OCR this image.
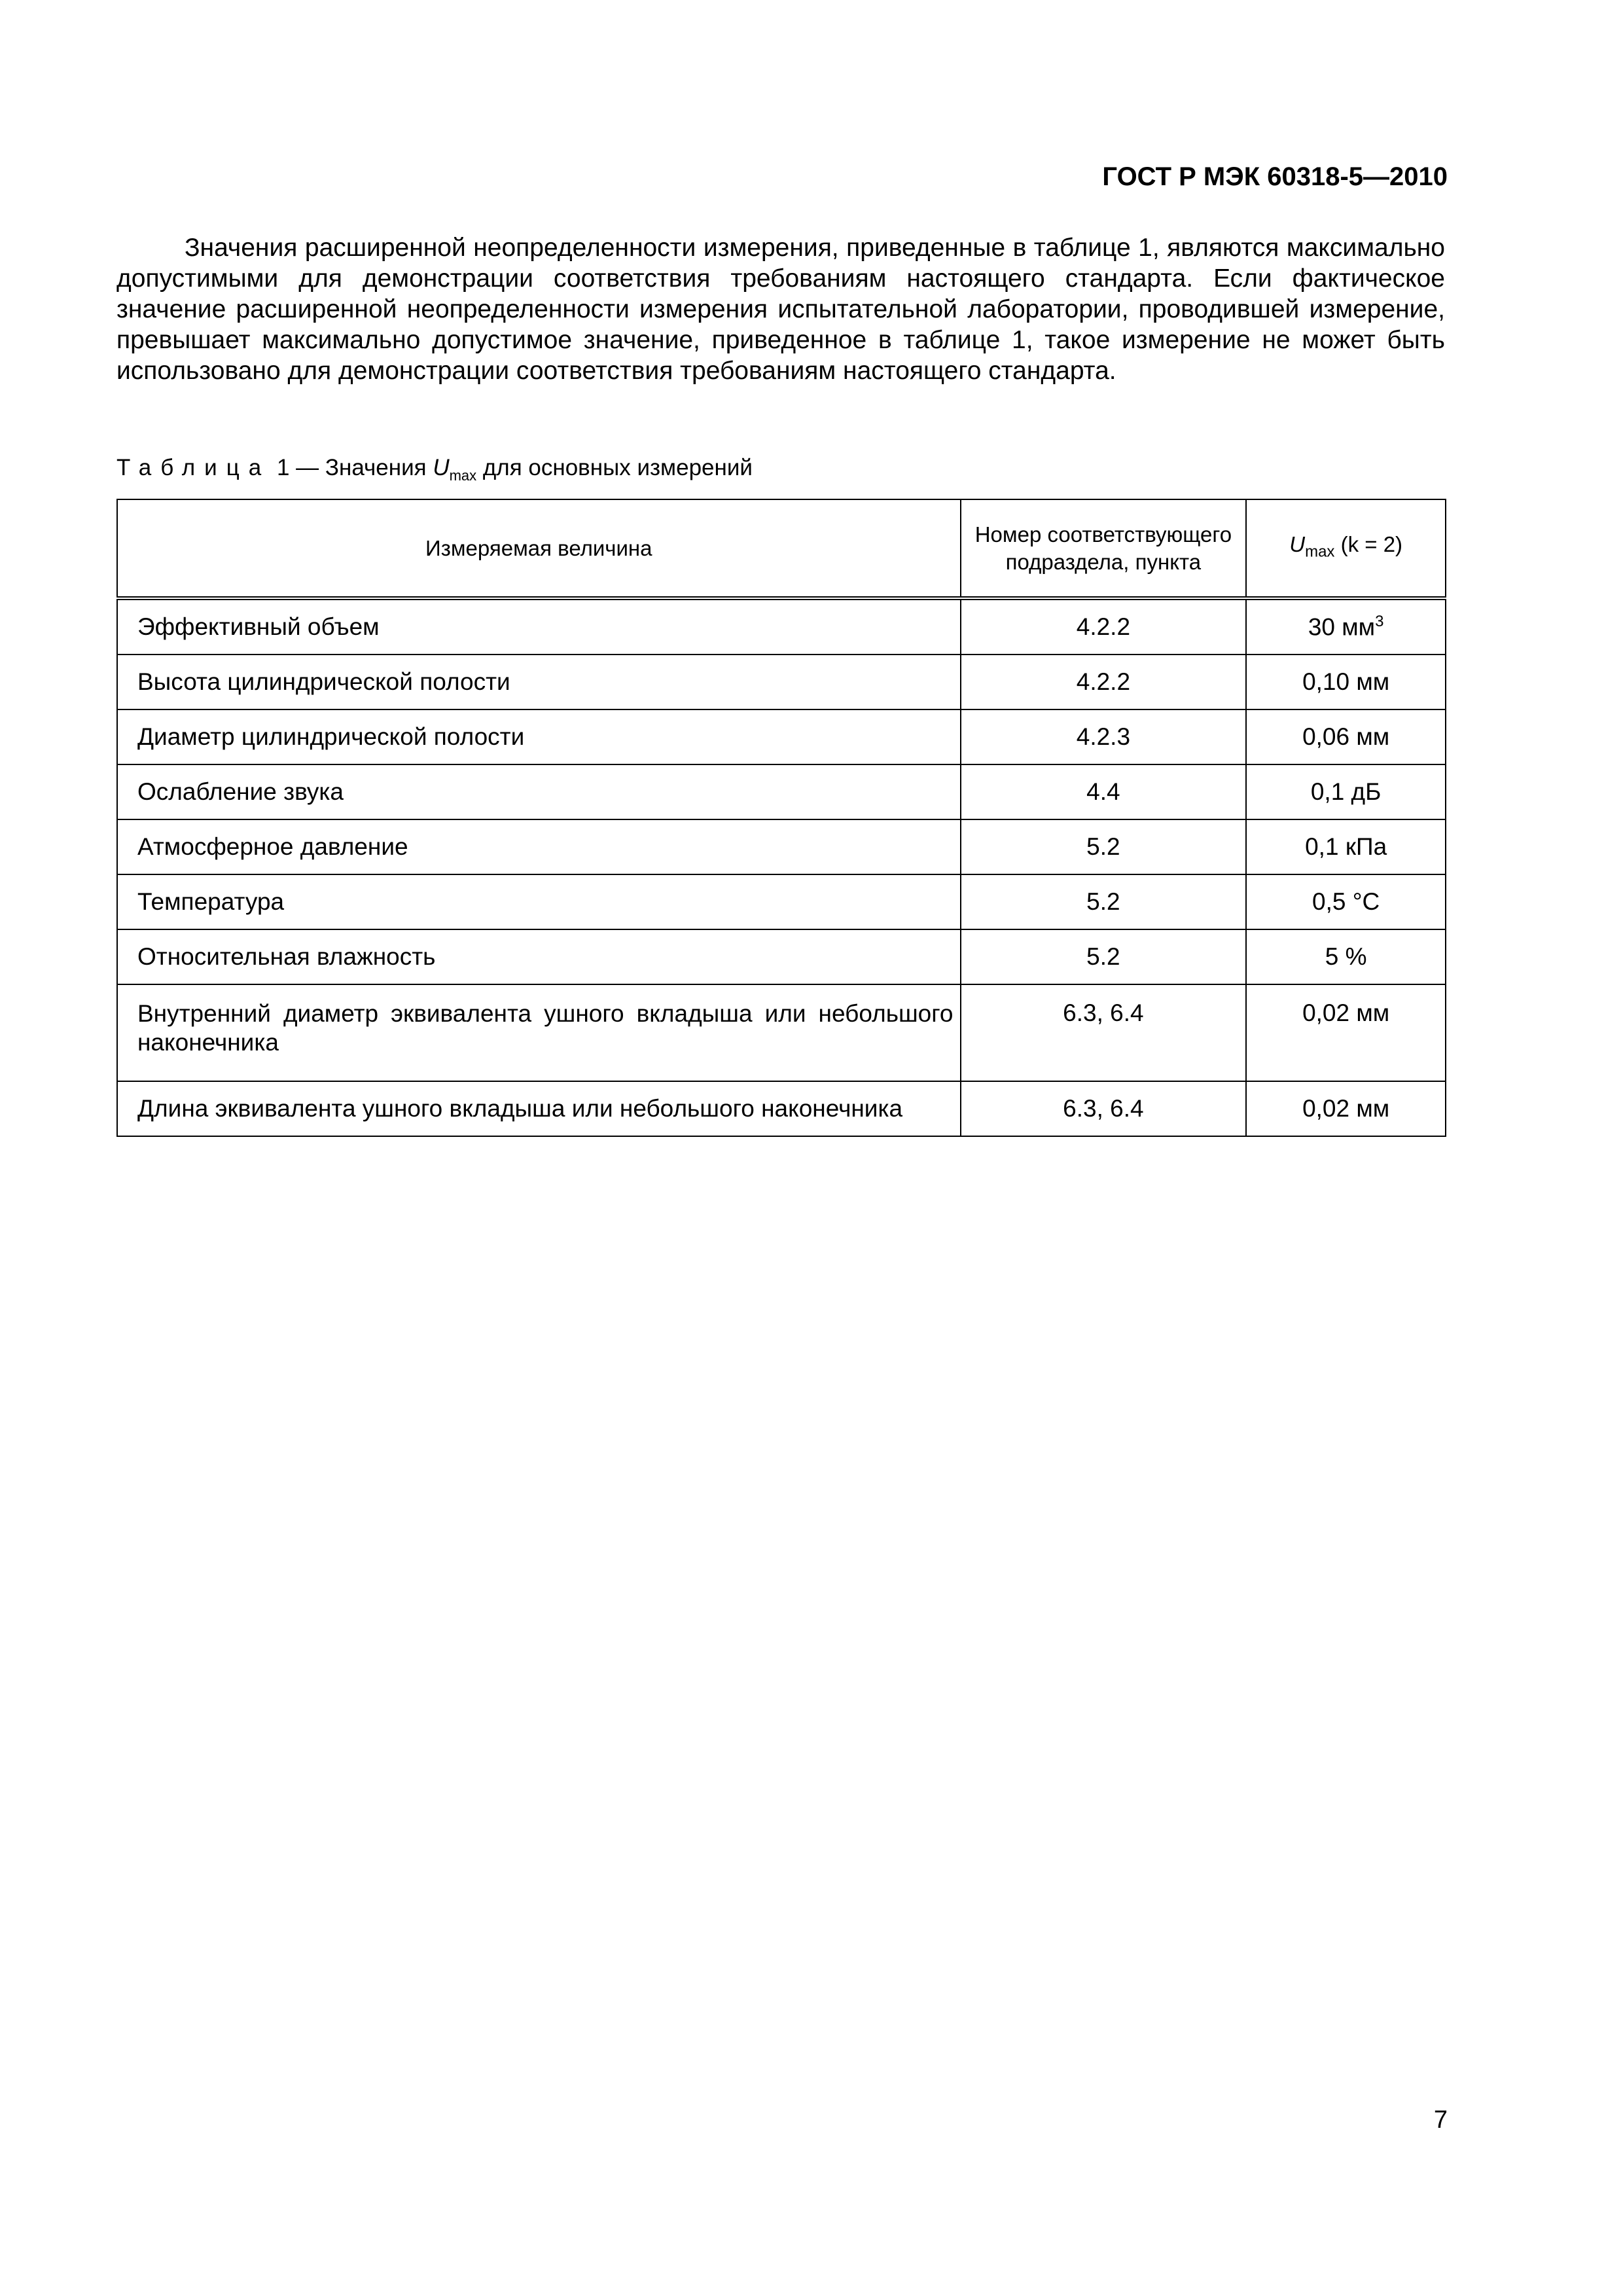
ГОСТ Р МЭК 60318-5—2010

Значения расширенной неопределенности измерения, приведенные в таблице 1, являются максимально допустимыми для демонстрации соответствия требованиям настоящего стандарта. Если фактическое значение расширенной неопределенности измерения испытательной лаборатории, проводившей измерение, превышает максимально допустимое значение, приведенное в таблице 1, такое измерение не может быть использовано для демонстрации соответствия требованиям настоящего стандарта.

Таблица 1 — Значения $U_{max}$ для основных измерений
Измеряемая величина	Номер соответствующего подраздела, пункта	$U_{max}$ (k = 2)
Эффективный объем	4.2.2	30 $мм^3$
Высота цилиндрической полости	4.2.2	0,10 мм
Диаметр цилиндрической полости	4.2.3	0,06 мм
Ослабление звука	4.4	0,1 дБ
Атмосферное давление	5.2	0,1 кПа
Температура	5.2	0,5 °С
Относительная влажность	5.2	5 %
Внутренний диаметр эквивалента ушного вкладыша или небольшого наконечника	6.3, 6.4	0,02 мм
Длина эквивалента ушного вкладыша или небольшого наконечника	6.3, 6.4	0,02 мм
7
